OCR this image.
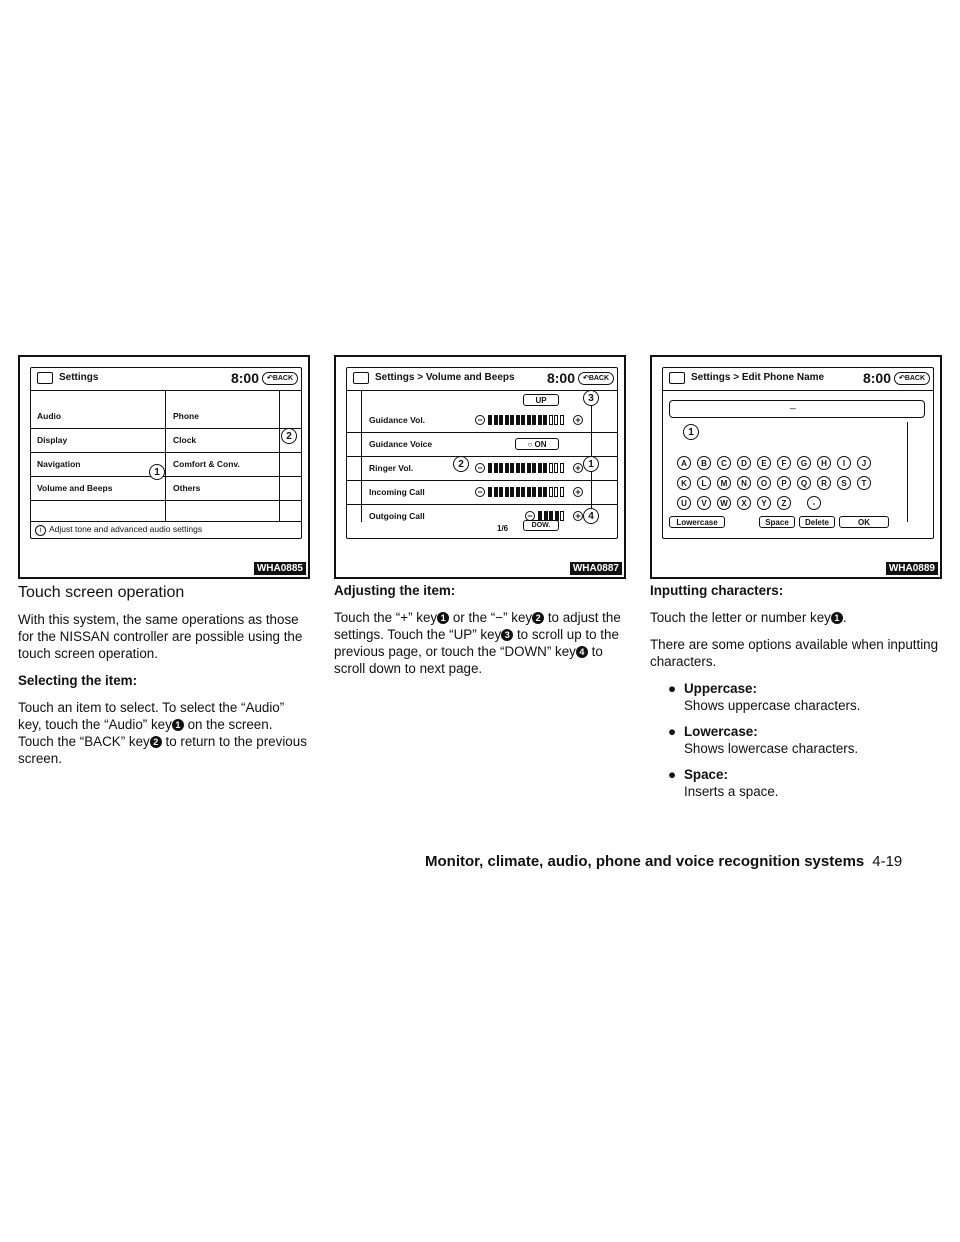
Settings	8:00	↶BACK
Audio	Phone
Display	Clock
Navigation	Comfort & Conv.
Volume and Beeps	Others
i Adjust tone and advanced audio settings
1
2
WHA0885
Settings > Volume and Beeps 8:00	↶BACK
UP
Guidance Vol.	−	+
Guidance Voice	○ ON
Ringer Vol.	−	+
Incoming Call	−	+
Outgoing Call	−	+
1/6	DOW.
3
2	1
4
WHA0887
Settings > Edit Phone Name	8:00	↶BACK
_
A	B	C	D	E	F	G	H	I	J
K	L	M	N	O	P	Q	R	S	T
U	V	W	X	Y	Z	-
Lowercase	Space	Delete	OK
1
WHA0889
Touch screen operation

With this system, the same operations as those for the NISSAN controller are possible using the touch screen operation.

Selecting the item:

Touch an item to select. To select the “Audio” key, touch the “Audio” key 1 on the screen. Touch the “BACK” key 2 to return to the previous screen.

Adjusting the item:

Touch the “+” key 1 or the “−” key 2 to adjust the settings. Touch the “UP” key 3 to scroll up to the previous page, or touch the “DOWN” key 4 to scroll down to next page.

Inputting characters:

Touch the letter or number key 1 .

There are some options available when inputting characters.

● Uppercase:
Shows uppercase characters.
● Lowercase:
Shows lowercase characters.
● Space:
Inserts a space.
Monitor, climate, audio, phone and voice recognition systems 4-19
